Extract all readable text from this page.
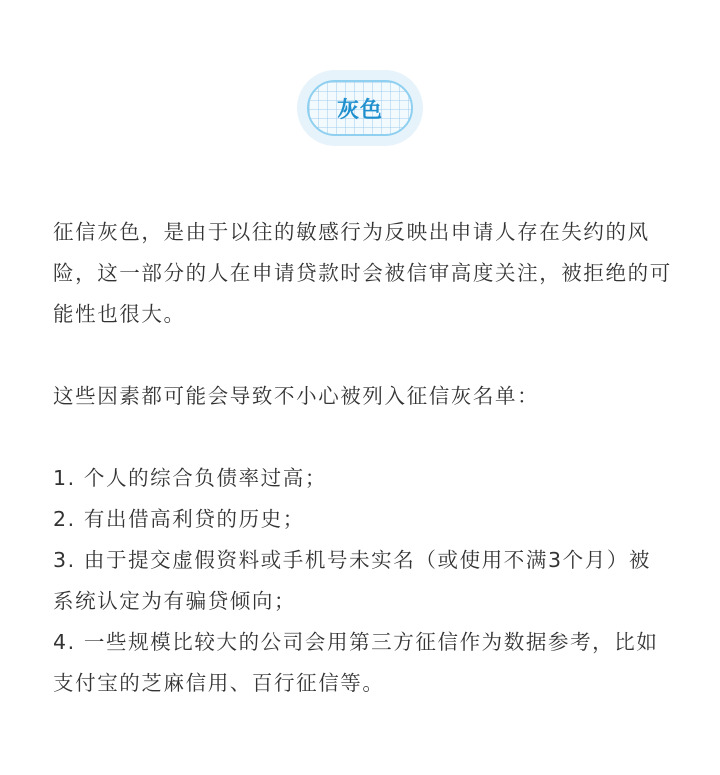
灰色

征信灰色，是由于以往的敏感行为反映出申请人存在失约的风险，这一部分的人在申请贷款时会被信审高度关注，被拒绝的可能性也很大。

这些因素都可能会导致不小心被列入征信灰名单：

1. 个人的综合负债率过高；

2. 有出借高利贷的历史；

3. 由于提交虚假资料或手机号未实名（或使用不满3个月）被系统认定为有骗贷倾向；

4. 一些规模比较大的公司会用第三方征信作为数据参考，比如支付宝的芝麻信用、百行征信等。
